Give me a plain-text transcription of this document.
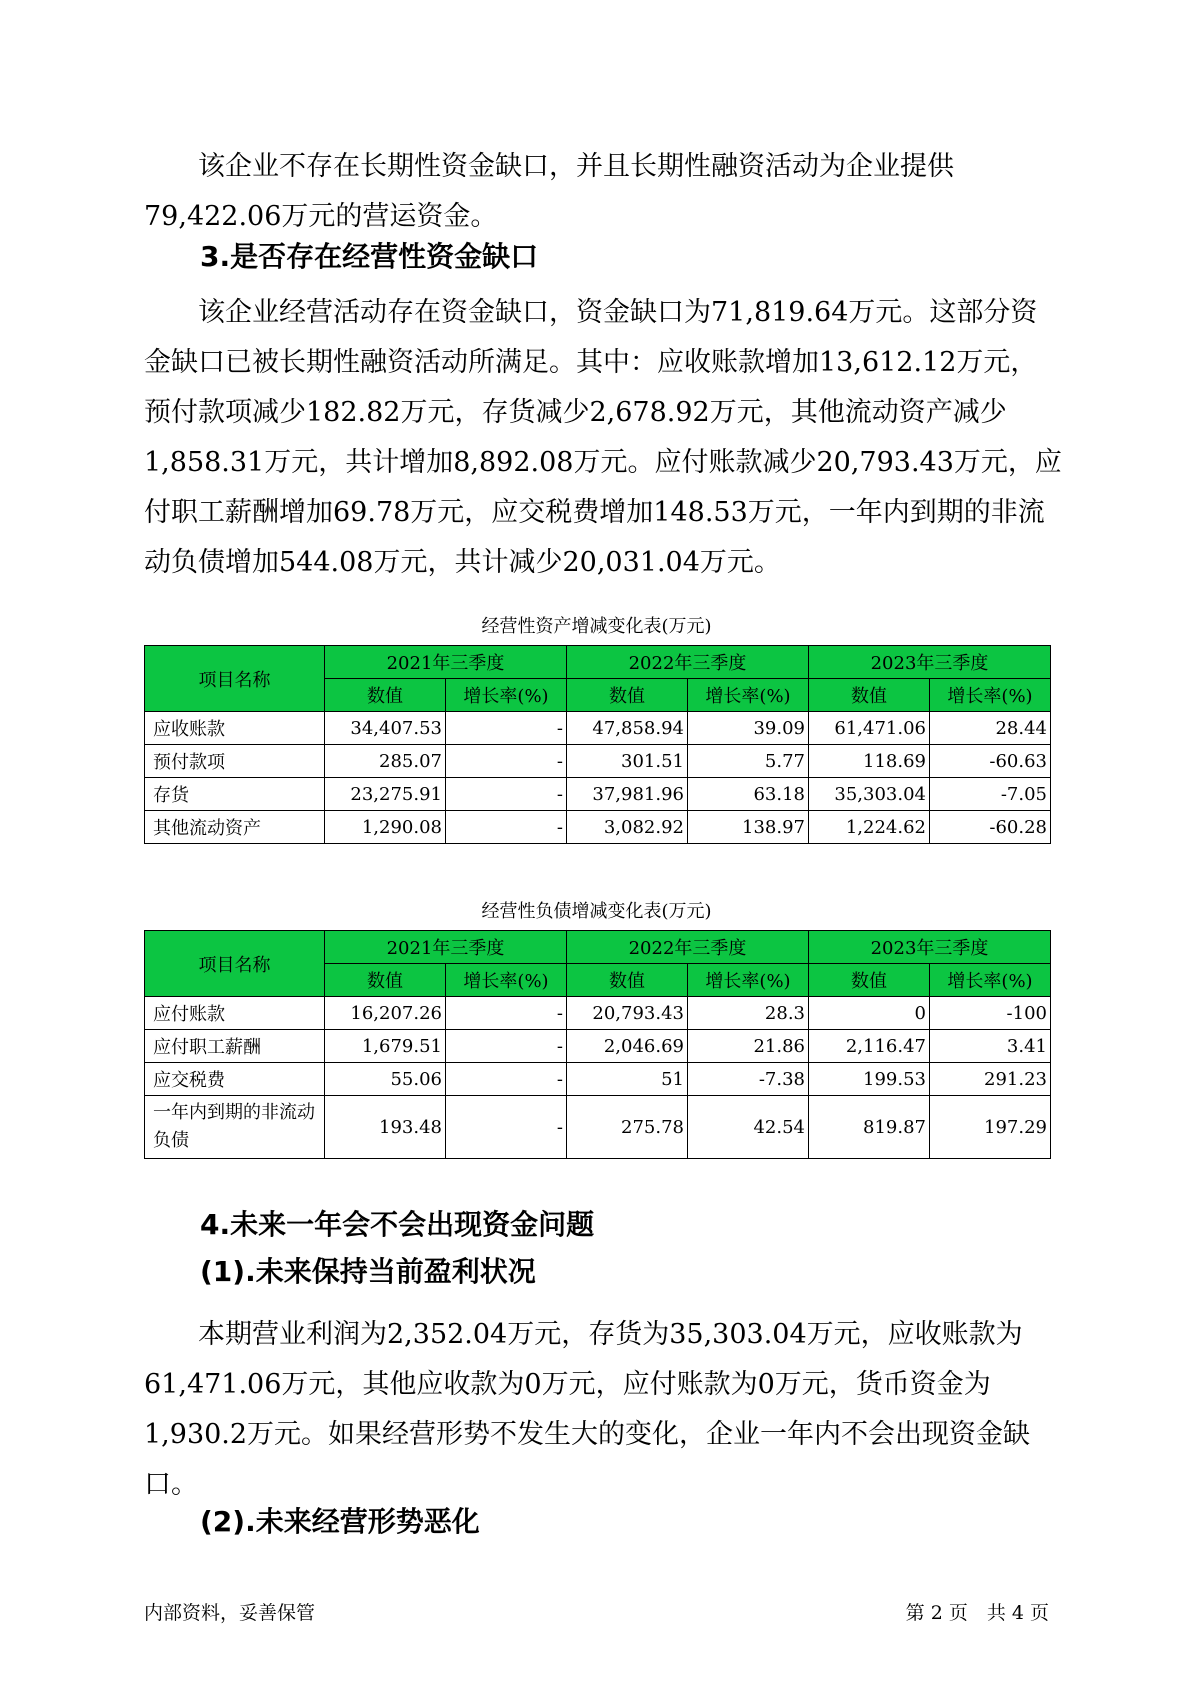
　　该企业不存在长期性资金缺口，并且长期性融资活动为企业提供
79,422.06万元的营运资金。

3.是否存在经营性资金缺口

　　该企业经营活动存在资金缺口，资金缺口为71,819.64万元。这部分资
金缺口已被长期性融资活动所满足。其中：应收账款增加13,612.12万元，
预付款项减少182.82万元，存货减少2,678.92万元，其他流动资产减少
1,858.31万元，共计增加8,892.08万元。应付账款减少20,793.43万元，应
付职工薪酬增加69.78万元，应交税费增加148.53万元，一年内到期的非流
动负债增加544.08万元，共计减少20,031.04万元。

经营性资产增减变化表(万元)

项目名称	2021年三季度		2022年三季度		2023年三季度	
	数值	增长率(%)	数值	增长率(%)	数值	增长率(%)
应收账款	34,407.53	-	47,858.94	39.09	61,471.06	28.44
预付款项	285.07	-	301.51	5.77	118.69	-60.63
存货	23,275.91	-	37,981.96	63.18	35,303.04	-7.05
其他流动资产	1,290.08	-	3,082.92	138.97	1,224.62	-60.28

经营性负债增减变化表(万元)

项目名称	2021年三季度		2022年三季度		2023年三季度	
	数值	增长率(%)	数值	增长率(%)	数值	增长率(%)
应付账款	16,207.26	-	20,793.43	28.3	0	-100
应付职工薪酬	1,679.51	-	2,046.69	21.86	2,116.47	3.41
应交税费	55.06	-	51	-7.38	199.53	291.23
一年内到期的非流动负债	193.48	-	275.78	42.54	819.87	197.29
4.未来一年会不会出现资金问题
(1).未来保持当前盈利状况

　　本期营业利润为2,352.04万元，存货为35,303.04万元，应收账款为
61,471.06万元，其他应收款为0万元，应付账款为0万元，货币资金为
1,930.2万元。如果经营形势不发生大的变化，企业一年内不会出现资金缺
口。

(2).未来经营形势恶化
内部资料，妥善保管	第 2 页　共 4 页
